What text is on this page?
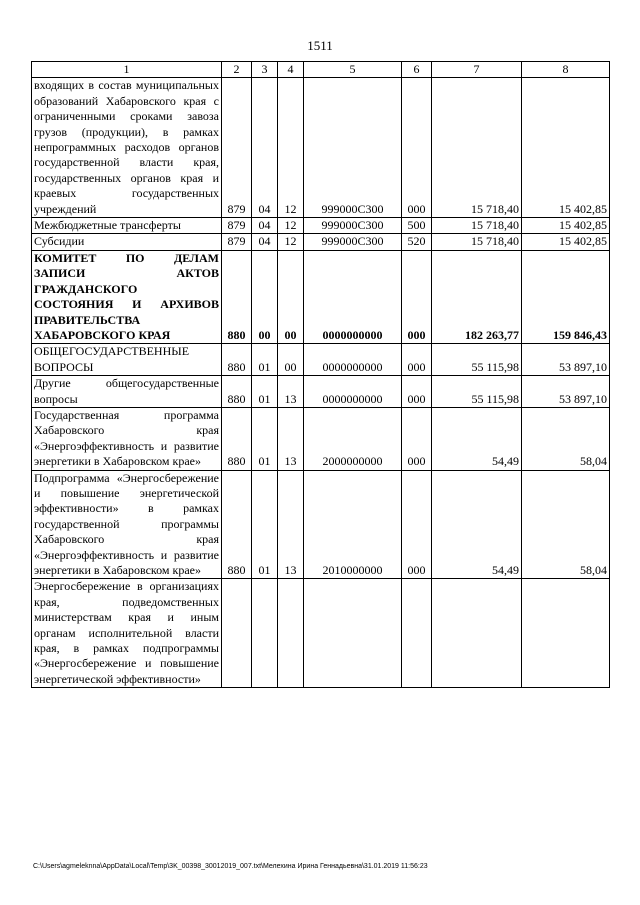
1511
1	2	3	4	5	6	7	8
входящих в состав муниципальных образований Хабаровского края с ограниченными сроками завоза грузов (продукции), в рамках непрограммных расходов органов государственной власти края, государственных органов края и краевых государственных учреждений	879	04	12	999000С300	000	15 718,40	15 402,85
Межбюджетные трансферты	879	04	12	999000С300	500	15 718,40	15 402,85
Субсидии	879	04	12	999000С300	520	15 718,40	15 402,85
КОМИТЕТ ПО ДЕЛАМ ЗАПИСИ АКТОВ ГРАЖДАНСКОГО СОСТОЯНИЯ И АРХИВОВ ПРАВИТЕЛЬСТВА ХАБАРОВСКОГО КРАЯ	880	00	00	0000000000	000	182 263,77	159 846,43
ОБЩЕГОСУДАРСТВЕННЫЕ ВОПРОСЫ	880	01	00	0000000000	000	55 115,98	53 897,10
Другие общегосударственные вопросы	880	01	13	0000000000	000	55 115,98	53 897,10
Государственная программа Хабаровского края «Энергоэффективность и развитие энергетики в Хабаровском крае»	880	01	13	2000000000	000	54,49	58,04
Подпрограмма «Энергосбережение и повышение энергетической эффективности» в рамках государственной программы Хабаровского края «Энергоэффективность и развитие энергетики в Хабаровском крае»	880	01	13	2010000000	000	54,49	58,04
Энергосбережение в организациях края, подведомственных министерствам края и иным органам исполнительной власти края, в рамках подпрограммы «Энергосбережение и повышение энергетической эффективности»							
C:\Users\agmeleknna\AppData\Local\Temp\3K_00398_30012019_007.txt\Мелехина Ирина Геннадьевна\31.01.2019 11:56:23
